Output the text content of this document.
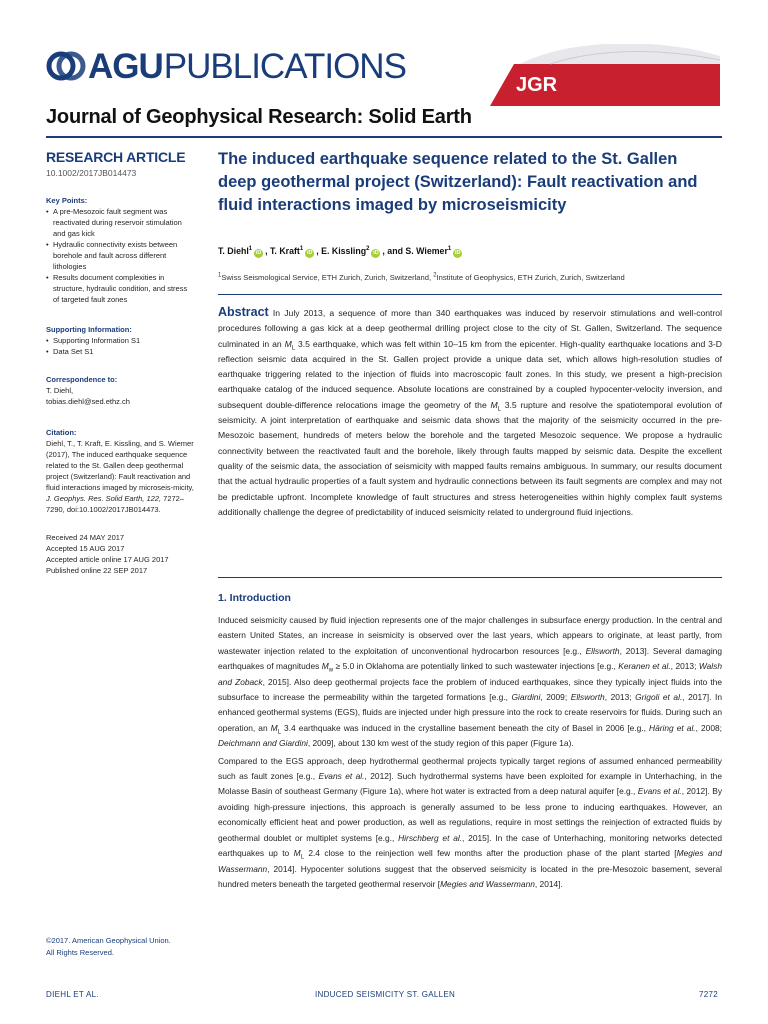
AGU PUBLICATIONS	JGR
Journal of Geophysical Research: Solid Earth
RESEARCH ARTICLE
10.1002/2017JB014473
Key Points:
• A pre-Mesozoic fault segment was reactivated during reservoir stimulation and gas kick
• Hydraulic connectivity exists between borehole and fault across different lithologies
• Results document complexities in structure, hydraulic condition, and stress of targeted fault zones
Supporting Information:
• Supporting Information S1
• Data Set S1
Correspondence to:
T. Diehl,
tobias.diehl@sed.ethz.ch
Citation:
Diehl, T., T. Kraft, E. Kissling, and S. Wiemer (2017), The induced earthquake sequence related to the St. Gallen deep geothermal project (Switzerland): Fault reactivation and fluid interactions imaged by microseis-micity, J. Geophys. Res. Solid Earth, 122, 7272–7290, doi:10.1002/2017JB014473.
Received 24 MAY 2017
Accepted 15 AUG 2017
Accepted article online 17 AUG 2017
Published online 22 SEP 2017
©2017. American Geophysical Union.
All Rights Reserved.
The induced earthquake sequence related to the St. Gallen deep geothermal project (Switzerland): Fault reactivation and fluid interactions imaged by microseismicity
T. Diehl$^1$iD , T. Kraft$^1$iD , E. Kissling$^2$iD , and S. Wiemer$^1$iD
$^1$Swiss Seismological Service, ETH Zurich, Zurich, Switzerland, $^2$Institute of Geophysics, ETH Zurich, Zurich, Switzerland
Abstract In July 2013, a sequence of more than 340 earthquakes was induced by reservoir stimulations and well-control procedures following a gas kick at a deep geothermal drilling project close to the city of St. Gallen, Switzerland. The sequence culminated in an $M_L$ 3.5 earthquake, which was felt within 10–15 km from the epicenter. High-quality earthquake locations and 3-D reflection seismic data acquired in the St. Gallen project provide a unique data set, which allows high-resolution studies of earthquake triggering related to the injection of fluids into macroscopic fault zones. In this study, we present a high-precision earthquake catalog of the induced sequence. Absolute locations are constrained by a coupled hypocenter-velocity inversion, and subsequent double-difference relocations image the geometry of the $M_L$ 3.5 rupture and resolve the spatiotemporal evolution of seismicity. A joint interpretation of earthquake and seismic data shows that the majority of the seismicity occurred in the pre-Mesozoic basement, hundreds of meters below the borehole and the targeted Mesozoic sequence. We propose a hydraulic connectivity between the reactivated fault and the borehole, likely through faults mapped by seismic data. Despite the excellent quality of the seismic data, the association of seismicity with mapped faults remains ambiguous. In summary, our results document that the actual hydraulic properties of a fault system and hydraulic connections between its fault segments are complex and may not be predictable upfront. Incomplete knowledge of fault structures and stress heterogeneities within highly complex fault systems additionally challenge the degree of predictability of induced seismicity related to underground fluid injections.
1. Introduction

Induced seismicity caused by fluid injection represents one of the major challenges in subsurface energy production. In the central and eastern United States, an increase in seismicity is observed over the last years, which appears to originate, at least partly, from wastewater injection related to the exploitation of unconventional hydrocarbon resources [e.g., Ellsworth, 2013]. Several damaging earthquakes of magnitudes $M_w \ge 5.0$ in Oklahoma are potentially linked to such wastewater injections [e.g., Keranen et al., 2013; Walsh and Zoback, 2015]. Also deep geothermal projects face the problem of induced earthquakes, since they typically inject fluids into the subsurface to increase the permeability within the targeted formations [e.g., Giardini, 2009; Ellsworth, 2013; Grigoli et al., 2017]. In enhanced geothermal systems (EGS), fluids are injected under high pressure into the rock to create reservoirs for fluids. During such an operation, an $M_L$ 3.4 earthquake was induced in the crystalline basement beneath the city of Basel in 2006 [e.g., Häring et al., 2008; Deichmann and Giardini, 2009], about 130 km west of the study region of this paper (Figure 1a).

Compared to the EGS approach, deep hydrothermal geothermal projects typically target regions of assumed enhanced permeability such as fault zones [e.g., Evans et al., 2012]. Such hydrothermal systems have been exploited for example in Unterhaching, in the Molasse Basin of southeast Germany (Figure 1a), where hot water is extracted from a deep natural aquifer [e.g., Evans et al., 2012]. By avoiding high-pressure injections, this approach is generally assumed to be less prone to inducing earthquakes. However, an economically efficient heat and power production, as well as regulations, require in most settings the reinjection of extracted fluids by geothermal doublet or multiplet systems [e.g., Hirschberg et al., 2015]. In the case of Unterhaching, monitoring networks detected earthquakes up to $M_L$ 2.4 close to the reinjection well few months after the production phase of the plant started [Megies and Wassermann, 2014]. Hypocenter solutions suggest that the observed seismicity is located in the pre-Mesozoic basement, several hundred meters beneath the targeted geothermal reservoir [Megies and Wassermann, 2014].

DIEHL ET AL.	INDUCED SEISMICITY ST. GALLEN	7272
